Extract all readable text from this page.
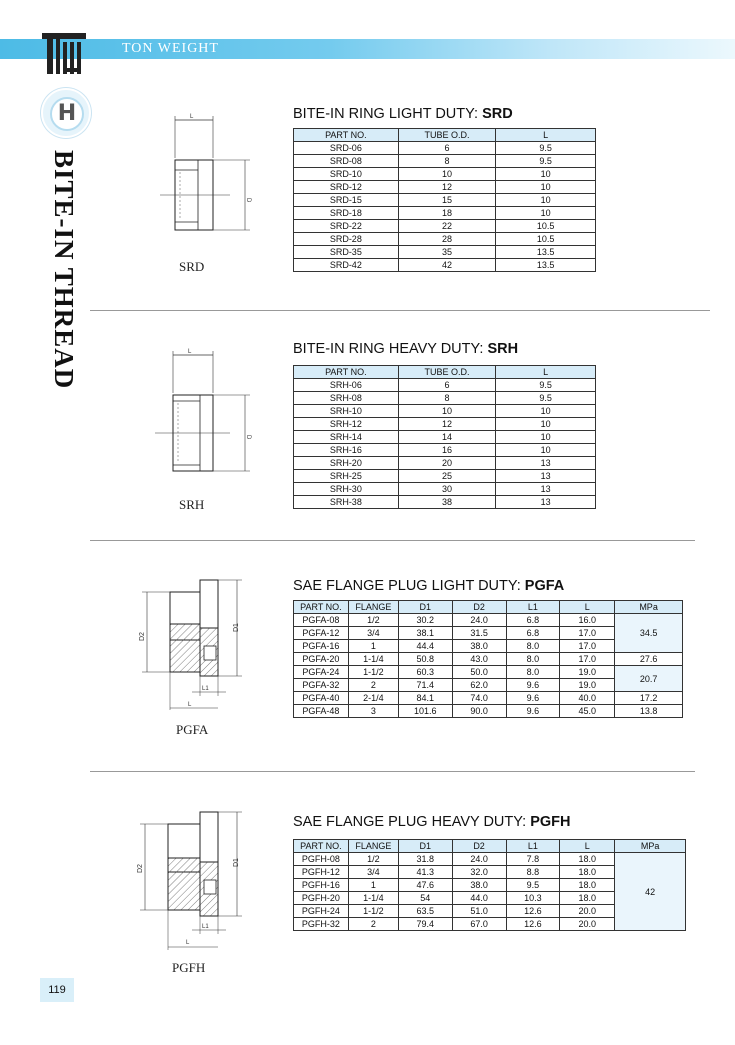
TON WEIGHT
H
BITE-IN THREAD
L
D
SRD
BITE-IN RING LIGHT DUTY: SRD
PART NO.	TUBE O.D.	L
SRD-06	6	9.5
SRD-08	8	9.5
SRD-10	10	10
SRD-12	12	10
SRD-15	15	10
SRD-18	18	10
SRD-22	22	10.5
SRD-28	28	10.5
SRD-35	35	13.5
SRD-42	42	13.5
L
D
SRH
BITE-IN RING HEAVY DUTY: SRH
PART NO.	TUBE O.D.	L
SRH-06	6	9.5
SRH-08	8	9.5
SRH-10	10	10
SRH-12	12	10
SRH-14	14	10
SRH-16	16	10
SRH-20	20	13
SRH-25	25	13
SRH-30	30	13
SRH-38	38	13
D2
D1
L1
L
PGFA
SAE FLANGE PLUG LIGHT DUTY: PGFA
PART NO.	FLANGE	D1	D2	L1	L	MPa
PGFA-08	1/2	30.2	24.0	6.8	16.0	34.5
PGFA-12	3/4	38.1	31.5	6.8	17.0	
PGFA-16	1	44.4	38.0	8.0	17.0	
PGFA-20	1-1/4	50.8	43.0	8.0	17.0	27.6
PGFA-24	1-1/2	60.3	50.0	8.0	19.0	20.7
PGFA-32	2	71.4	62.0	9.6	19.0	
PGFA-40	2-1/4	84.1	74.0	9.6	40.0	17.2
PGFA-48	3	101.6	90.0	9.6	45.0	13.8
D2
D1
L1
L
PGFH
SAE FLANGE PLUG HEAVY DUTY: PGFH
PART NO.	FLANGE	D1	D2	L1	L	MPa
PGFH-08	1/2	31.8	24.0	7.8	18.0	42
PGFH-12	3/4	41.3	32.0	8.8	18.0	
PGFH-16	1	47.6	38.0	9.5	18.0	
PGFH-20	1-1/4	54	44.0	10.3	18.0	
PGFH-24	1-1/2	63.5	51.0	12.6	20.0	
PGFH-32	2	79.4	67.0	12.6	20.0	
119
